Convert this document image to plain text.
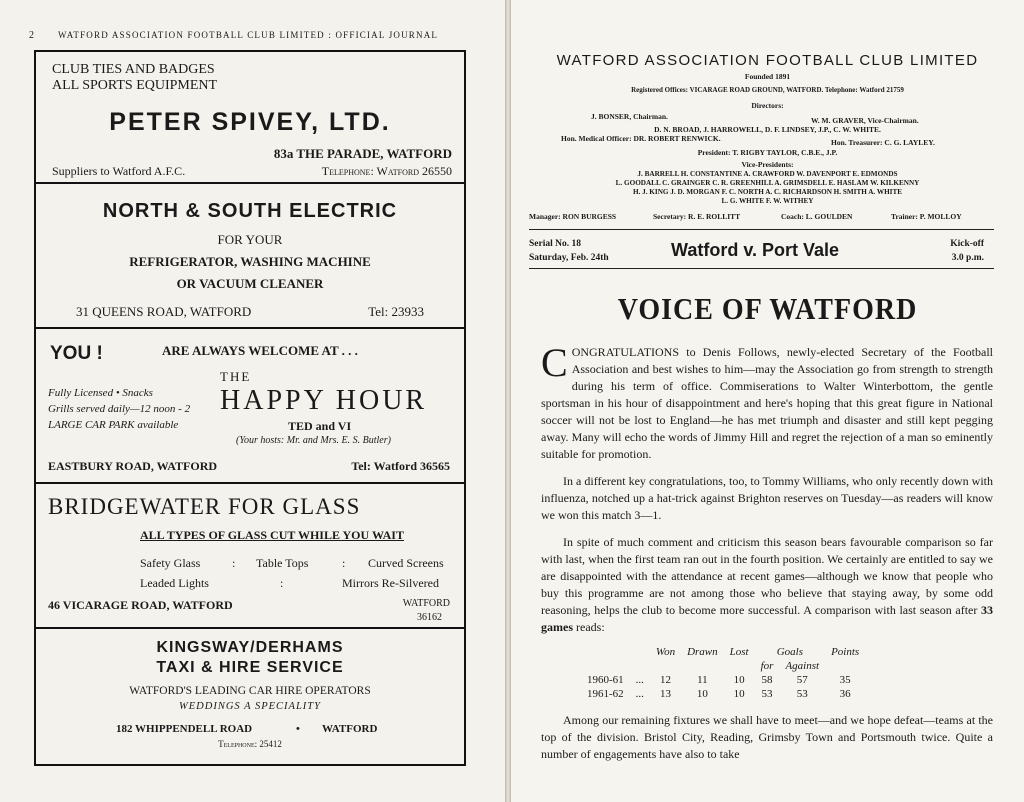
2	WATFORD ASSOCIATION FOOTBALL CLUB LIMITED : OFFICIAL JOURNAL
CLUB TIES AND BADGES
ALL SPORTS EQUIPMENT
PETER SPIVEY, LTD.
83a THE PARADE, WATFORD
Suppliers to Watford A.F.C.	Telephone: Watford 26550
NORTH & SOUTH ELECTRIC
FOR YOUR
REFRIGERATOR, WASHING MACHINE
OR VACUUM CLEANER
31 QUEENS ROAD, WATFORD	Tel: 23933
YOU !	ARE ALWAYS WELCOME AT . . .
THE
HAPPY HOUR
Fully Licensed • Snacks
Grills served daily—12 noon - 2
LARGE CAR PARK available	TED and VI
(Your hosts: Mr. and Mrs. E. S. Butler)
EASTBURY ROAD, WATFORD	Tel: Watford 36565
BRIDGEWATER FOR GLASS
ALL TYPES OF GLASS CUT WHILE YOU WAIT
Safety Glass	: Table Tops	: Curved Screens
Leaded Lights	:	Mirrors Re-Silvered
46 VICARAGE ROAD, WATFORD	WATFORD
36162
KINGSWAY/DERHAMS
TAXI & HIRE SERVICE
WATFORD'S LEADING CAR HIRE OPERATORS
WEDDINGS A SPECIALITY
182 WHIPPENDELL ROAD	• WATFORD
Telephone: 25412
WATFORD ASSOCIATION FOOTBALL CLUB LIMITED
Founded 1891
Registered Offices: VICARAGE ROAD GROUND, WATFORD. Telephone: Watford 21759
Directors:
J. BONSER, Chairman.	W. M. GRAVER, Vice-Chairman.
D. N. BROAD, J. HARROWELL, D. F. LINDSEY, J.P., C. W. WHITE.
Hon. Medical Officer: DR. ROBERT RENWICK.	Hon. Treasurer: C. G. LAYLEY.
President: T. RIGBY TAYLOR, C.B.E., J.P.
Vice-Presidents:
J. BARRELL H. CONSTANTINE A. CRAWFORD W. DAVENPORT E. EDMONDS
L. GOODALL C. GRAINGER C. R. GREENHILL A. GRIMSDELL E. HASLAM W. KILKENNY
H. J. KING J. D. MORGAN F. C. NORTH A. C. RICHARDSON H. SMITH A. WHITE
L. G. WHITE F. W. WITHEY
Manager: RON BURGESS	Secretary: R. E. ROLLITT	Coach: L. GOULDEN	Trainer: P. MOLLOY
Serial No. 18
Saturday, Feb. 24th	Watford v. Port Vale	Kick-off
3.0 p.m.
VOICE OF WATFORD

CONGRATULATIONS to Denis Follows, newly-elected Secretary of the Football Association and best wishes to him—may the Association go from strength to strength during his term of office. Commiserations to Walter Winterbottom, the gentle sportsman in his hour of disappointment and here's hoping that this great figure in National soccer will not be lost to England—he has met triumph and disaster and still kept pegging away. Many will echo the words of Jimmy Hill and regret the rejection of a man so eminently suitable for promotion.

In a different key congratulations, too, to Tommy Williams, who only recently down with influenza, notched up a hat-trick against Brighton reserves on Tuesday—as readers will know we won this match 3—1.

In spite of much comment and criticism this season bears favourable comparison so far with last, when the first team ran out in the fourth position. We certainly are entitled to say we are disappointed with the attendance at recent games—although we know that people who buy this programme are not among those who believe that staying away, by some odd reasoning, helps the club to become more successful. A comparison with last season after 33 games reads:

		Won	Drawn	Lost	Goals		Points
					for	Against	
1960-61	...	12	11	10	58	57	35
1961-62	...	13	10	10	53	53	36

Among our remaining fixtures we shall have to meet—and we hope defeat—teams at the top of the division. Bristol City, Reading, Grimsby Town and Portsmouth twice. Quite a number of engagements have also to take
